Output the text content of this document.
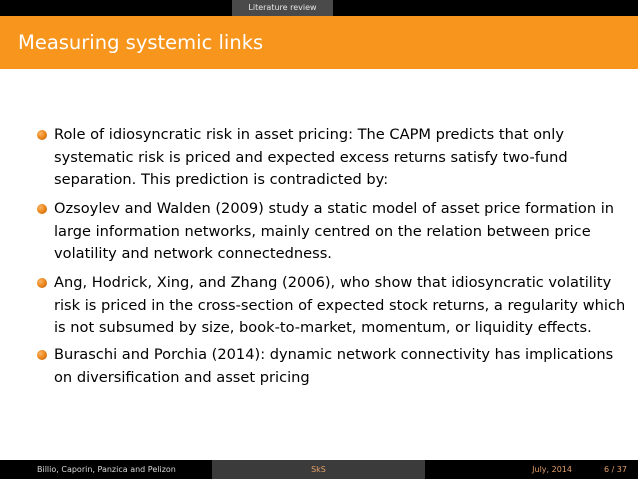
Literature review
Measuring systemic links
Role of idiosyncratic risk in asset pricing: The CAPM predicts that only
systematic risk is priced and expected excess returns satisfy two-fund
separation. This prediction is contradicted by:
Ozsoylev and Walden (2009) study a static model of asset price formation in
large information networks, mainly centred on the relation between price
volatility and network connectedness.
Ang, Hodrick, Xing, and Zhang (2006), who show that idiosyncratic volatility
risk is priced in the cross-section of expected stock returns, a regularity which
is not subsumed by size, book-to-market, momentum, or liquidity effects.
Buraschi and Porchia (2014): dynamic network connectivity has implications
on diversification and asset pricing
Billio, Caporin, Panzica and Pelizon	SkS	July, 2014	6 / 37
